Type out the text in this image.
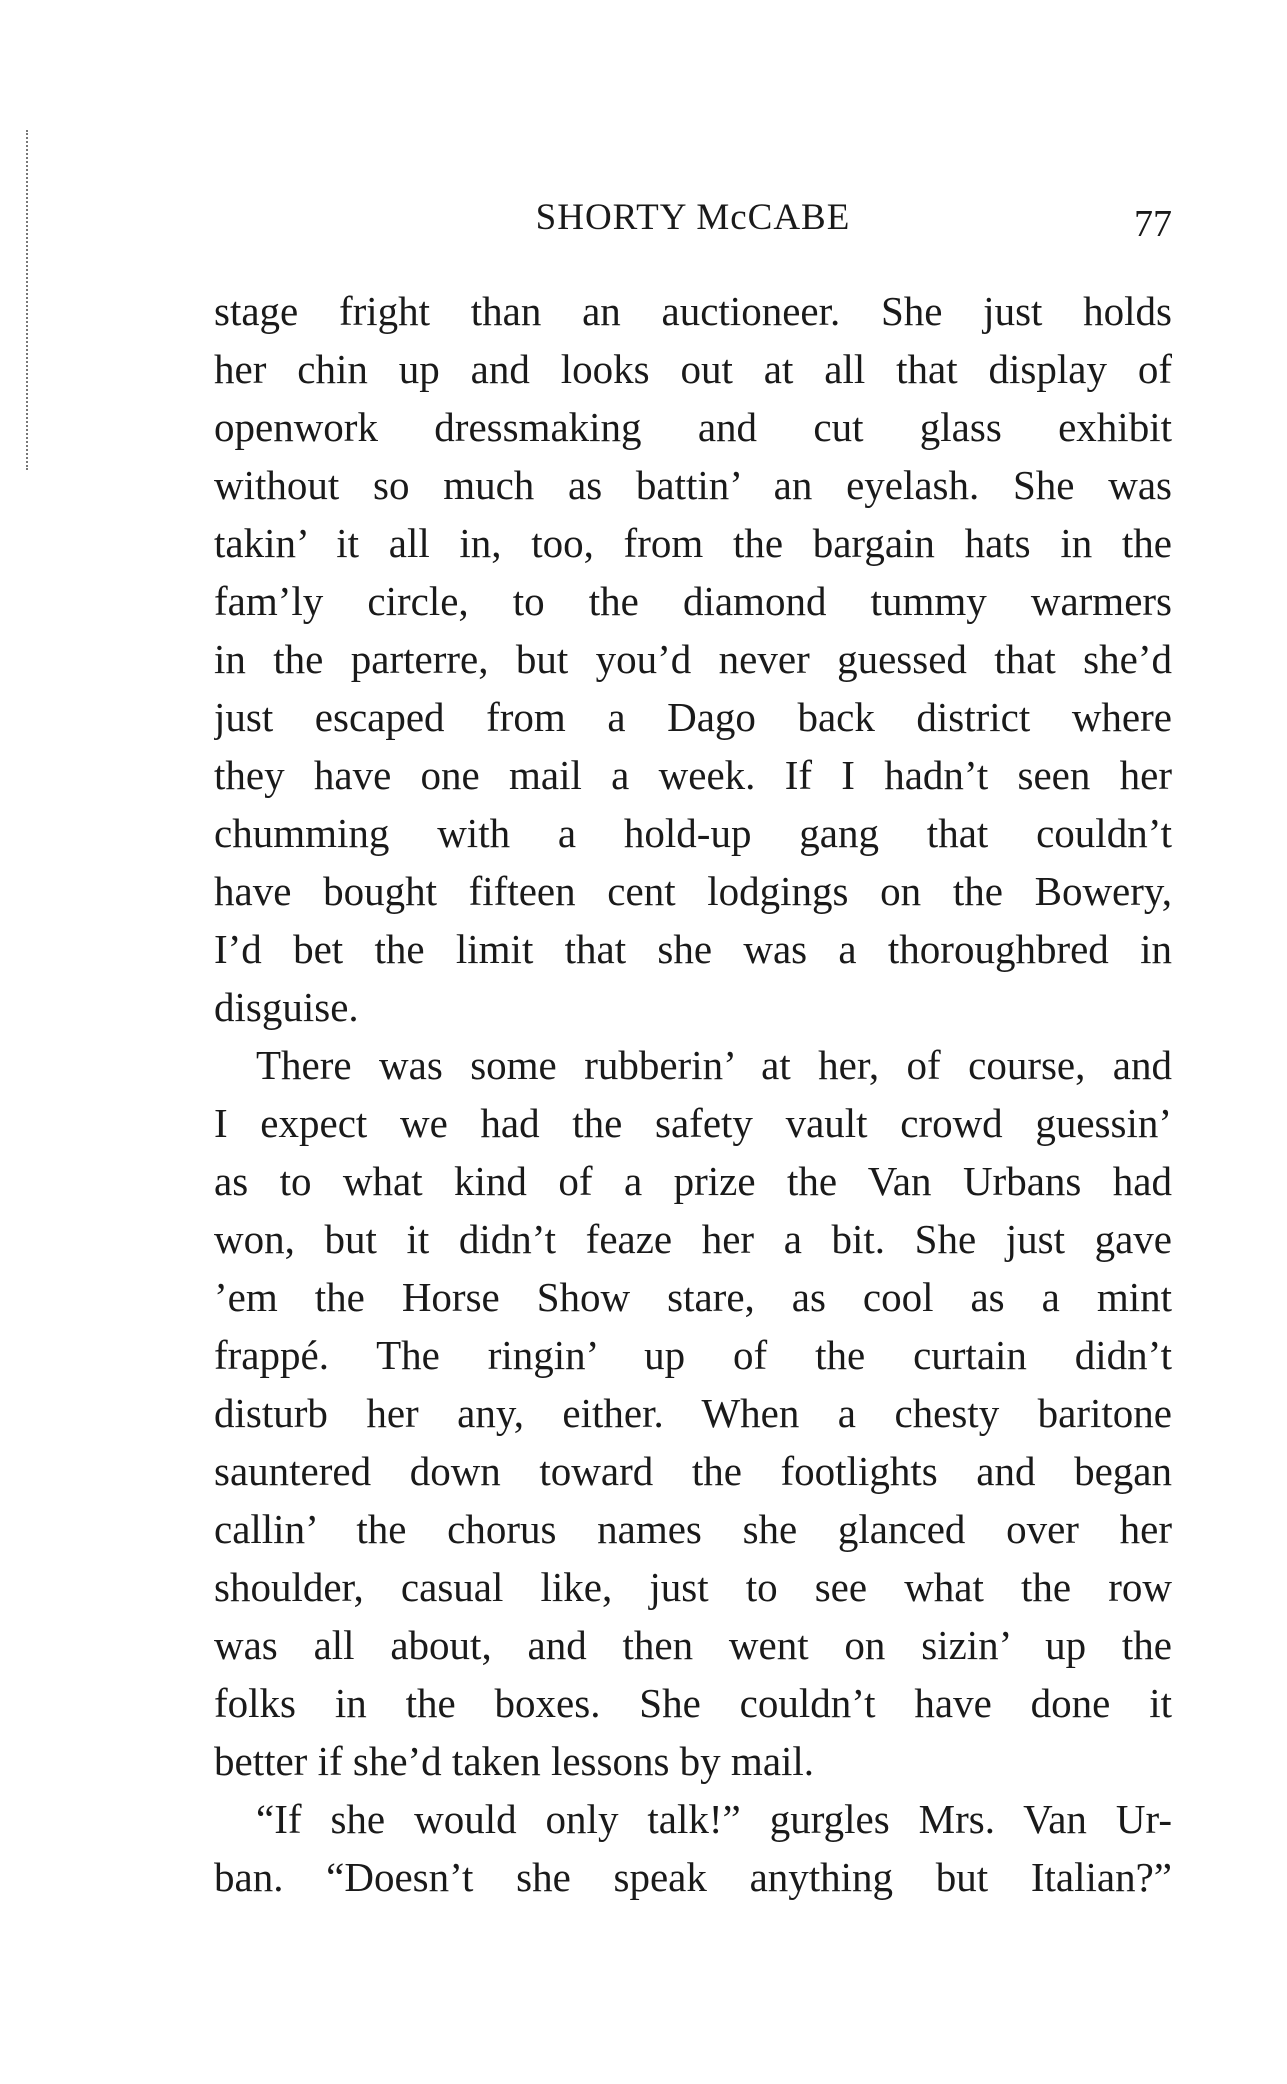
SHORTY McCABE	77
stage fright than an auctioneer. She just holds
her chin up and looks out at all that display of
openwork dressmaking and cut glass exhibit
without so much as battin’ an eyelash. She was
takin’ it all in, too, from the bargain hats in the
fam’ly circle, to the diamond tummy warmers
in the parterre, but you’d never guessed that she’d
just escaped from a Dago back district where
they have one mail a week. If I hadn’t seen her
chumming with a hold-up gang that couldn’t
have bought fifteen cent lodgings on the Bowery,
I’d bet the limit that she was a thoroughbred in
disguise.
There was some rubberin’ at her, of course, and
I expect we had the safety vault crowd guessin’
as to what kind of a prize the Van Urbans had
won, but it didn’t feaze her a bit. She just gave
’em the Horse Show stare, as cool as a mint
frappé. The ringin’ up of the curtain didn’t
disturb her any, either. When a chesty baritone
sauntered down toward the footlights and began
callin’ the chorus names she glanced over her
shoulder, casual like, just to see what the row
was all about, and then went on sizin’ up the
folks in the boxes. She couldn’t have done it
better if she’d taken lessons by mail.
“If she would only talk!” gurgles Mrs. Van Ur-
ban. “Doesn’t she speak anything but Italian?”
